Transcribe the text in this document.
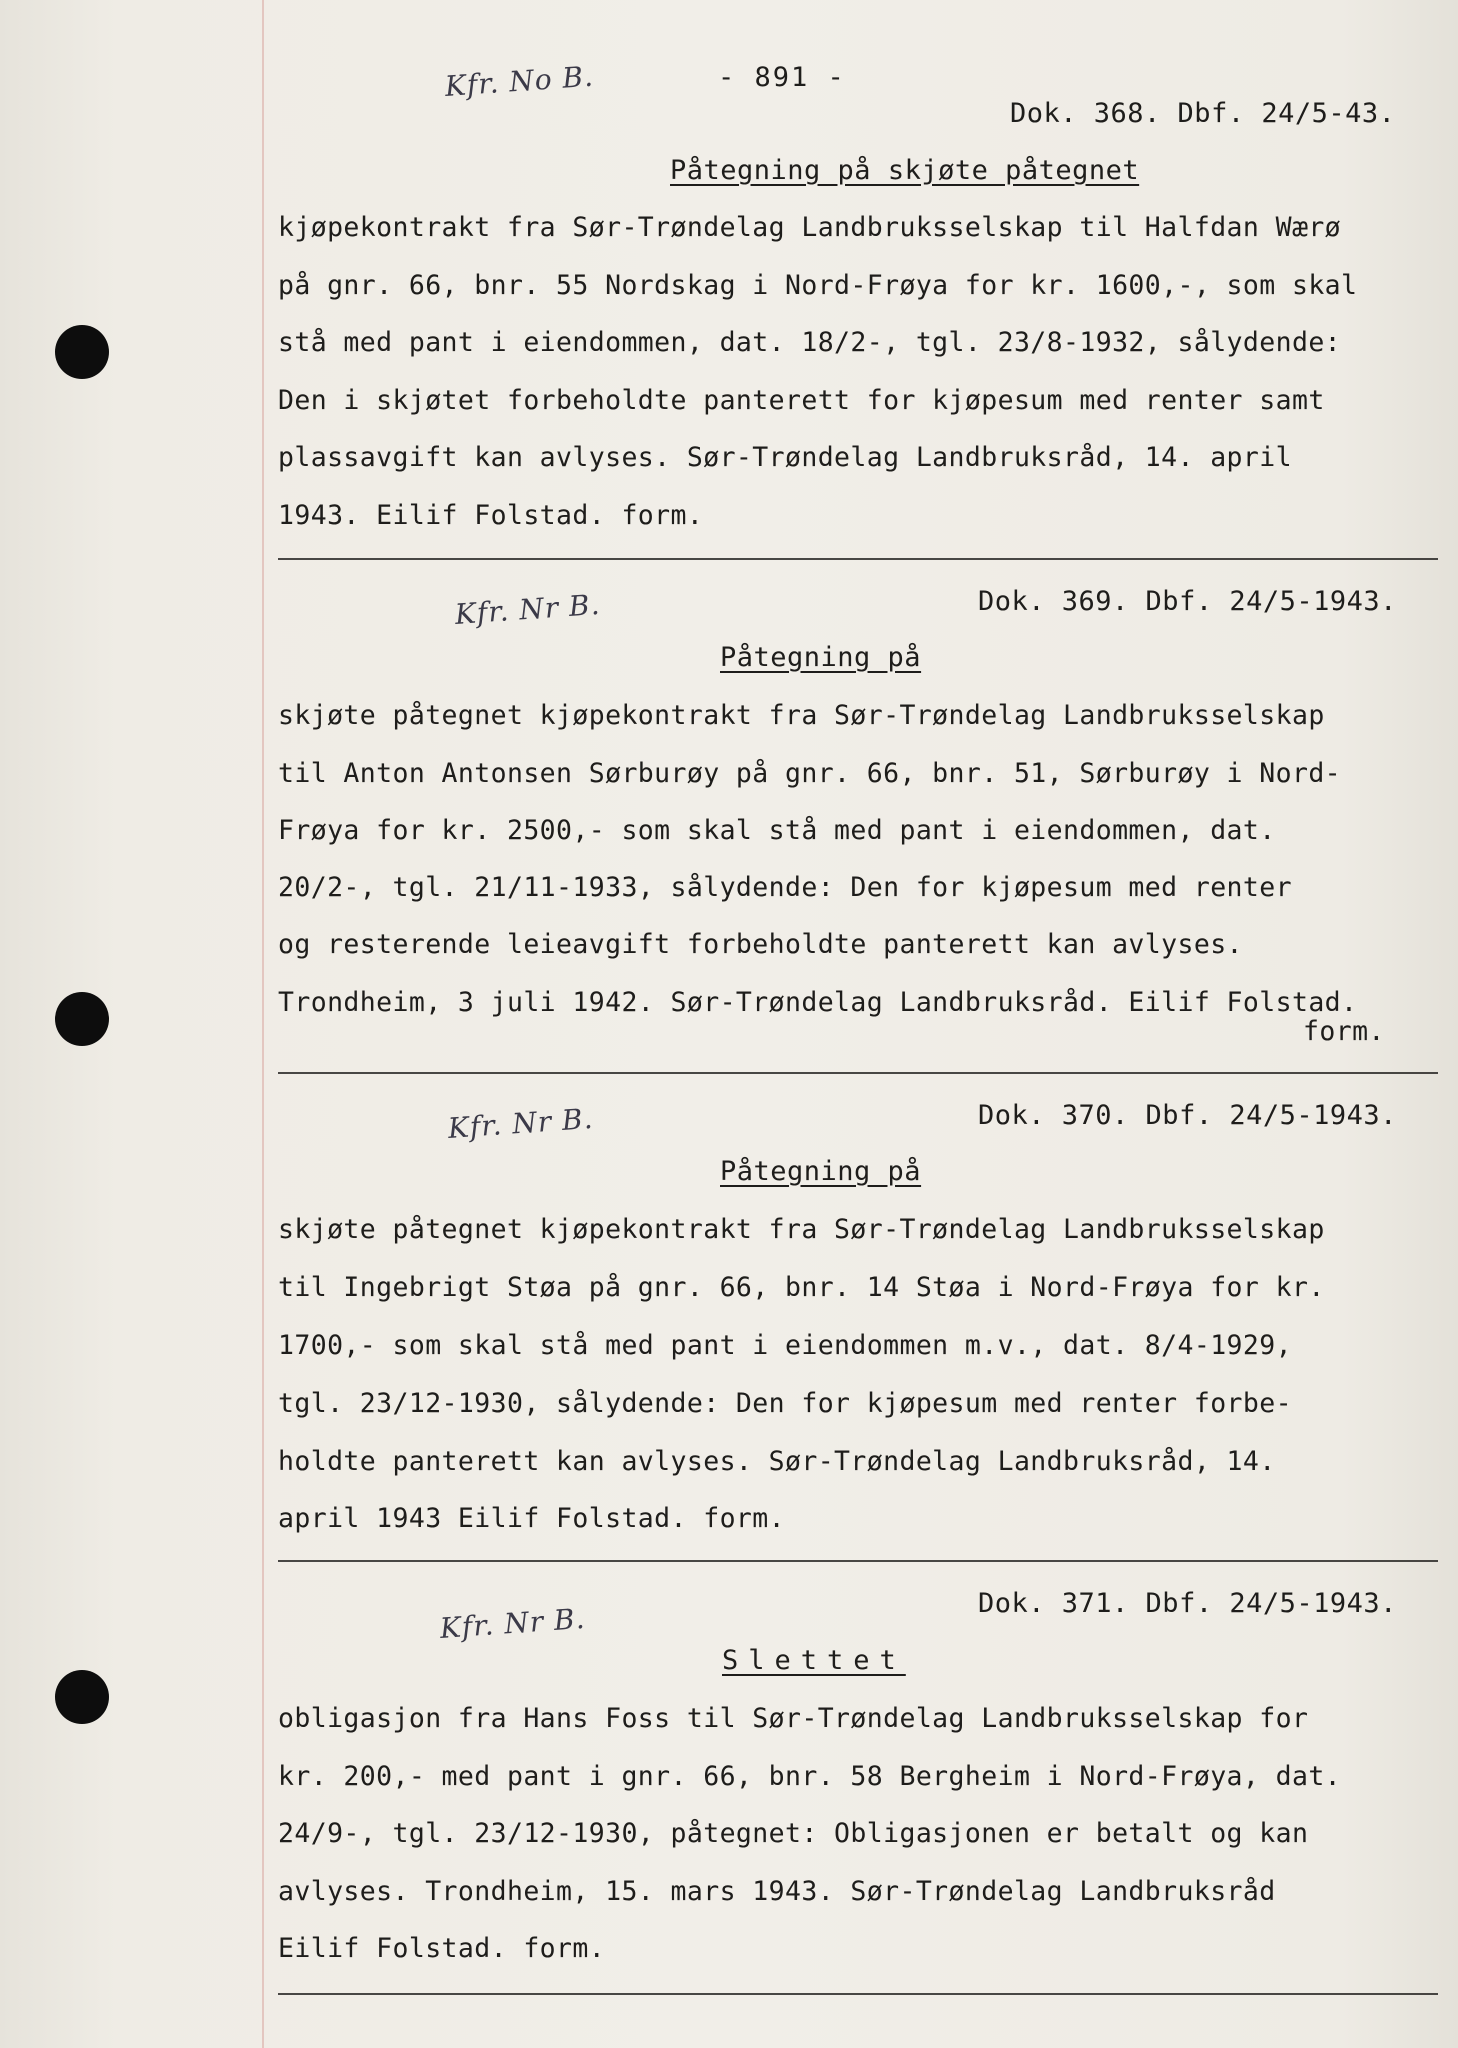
- 891 -
Kfr. No B.
Dok. 368. Dbf. 24/5-43.
Påtegning på skjøte påtegnet
kjøpekontrakt fra Sør-Trøndelag Landbruksselskap til Halfdan Wærø
på gnr. 66, bnr. 55 Nordskag i Nord-Frøya for kr. 1600,-, som skal
stå med pant i eiendommen, dat. 18/2-, tgl. 23/8-1932, sålydende:
Den i skjøtet forbeholdte panterett for kjøpesum med renter samt
plassavgift kan avlyses. Sør-Trøndelag Landbruksråd, 14. april
1943. Eilif Folstad. form.
Kfr. Nr B.	Dok. 369. Dbf. 24/5-1943.
Påtegning på
skjøte påtegnet kjøpekontrakt fra Sør-Trøndelag Landbruksselskap
til Anton Antonsen Sørburøy på gnr. 66, bnr. 51, Sørburøy i Nord-
Frøya for kr. 2500,- som skal stå med pant i eiendommen, dat.
20/2-, tgl. 21/11-1933, sålydende: Den for kjøpesum med renter
og resterende leieavgift forbeholdte panterett kan avlyses.
Trondheim, 3 juli 1942. Sør-Trøndelag Landbruksråd. Eilif Folstad.
form.
Kfr. Nr B.	Dok. 370. Dbf. 24/5-1943.
Påtegning på
skjøte påtegnet kjøpekontrakt fra Sør-Trøndelag Landbruksselskap
til Ingebrigt Støa på gnr. 66, bnr. 14 Støa i Nord-Frøya for kr.
1700,- som skal stå med pant i eiendommen m.v., dat. 8/4-1929,
tgl. 23/12-1930, sålydende: Den for kjøpesum med renter forbe-
holdte panterett kan avlyses. Sør-Trøndelag Landbruksråd, 14.
april 1943 Eilif Folstad. form.
Kfr. Nr B.	Dok. 371. Dbf. 24/5-1943.
Slettet
obligasjon fra Hans Foss til Sør-Trøndelag Landbruksselskap for
kr. 200,- med pant i gnr. 66, bnr. 58 Bergheim i Nord-Frøya, dat.
24/9-, tgl. 23/12-1930, påtegnet: Obligasjonen er betalt og kan
avlyses. Trondheim, 15. mars 1943. Sør-Trøndelag Landbruksråd
Eilif Folstad. form.
